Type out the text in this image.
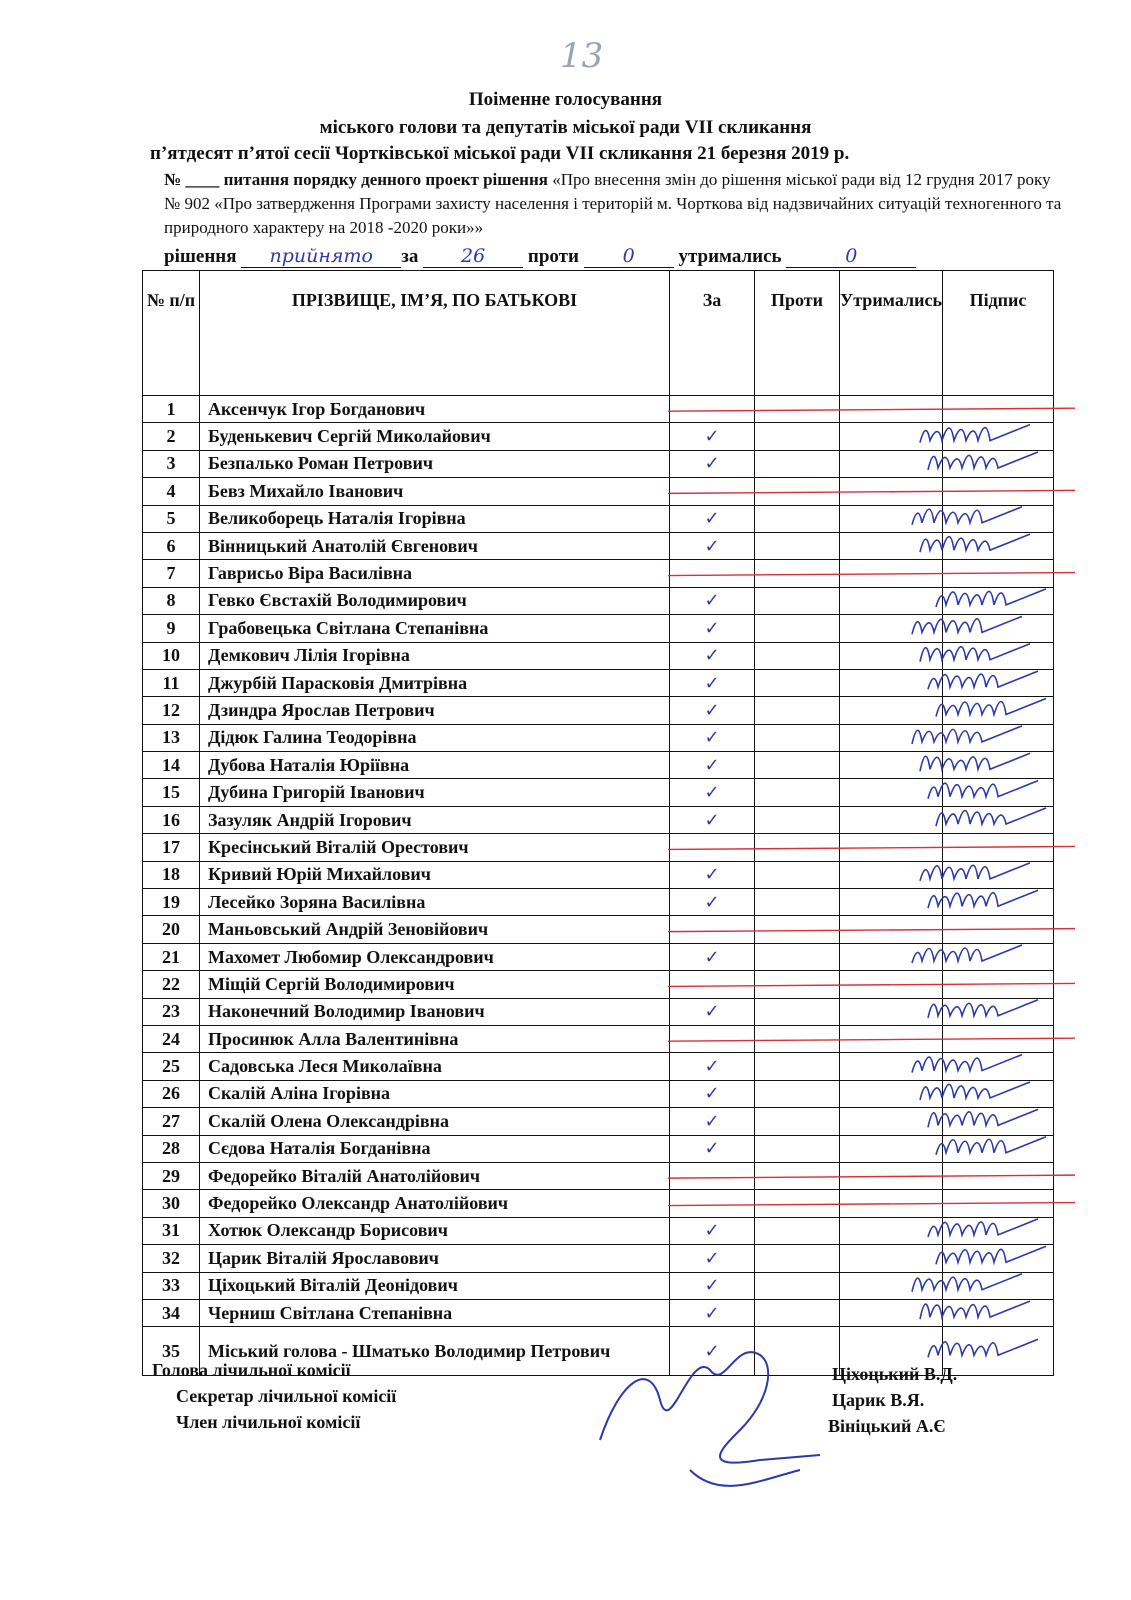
13
Поіменне голосування
міського голови та депутатів міської ради VII скликання
п’ятдесят п’ятої сесії Чортківської міської ради VII скликання 21 березня 2019 р.
№ ____ питання порядку денного проект рішення «Про внесення змін до рішення міської ради від 12 грудня 2017 року № 902 «Про затвердження Програми захисту населення і територій м. Чорткова від надзвичайних ситуацій техногенного та природного характеру на 2018 -2020 роки»»
рішення прийнято за 26 проти 0 утримались	0
№ п/п	ПРІЗВИЩЕ, ІМ’Я, ПО БАТЬКОВІ	За	Проти	Утримались	Підпис
1	Аксенчук Ігор Богданович				
2	Буденькевич Сергій Миколайович	✓			
3	Безпалько Роман Петрович	✓			
4	Бевз Михайло Іванович				
5	Великоборець Наталія Ігорівна	✓			
6	Вінницький Анатолій Євгенович	✓			
7	Гаврисьо Віра Василівна				
8	Гевко Євстахій Володимирович	✓			
9	Грабовецька Світлана Степанівна	✓			
10	Демкович Лілія Ігорівна	✓			
11	Джурбій Парасковія Дмитрівна	✓			
12	Дзиндра Ярослав Петрович	✓			
13	Дідюк Галина Теодорівна	✓			
14	Дубова Наталія Юріївна	✓			
15	Дубина Григорій Іванович	✓			
16	Зазуляк Андрій Ігорович	✓			
17	Кресінський Віталій Орестович				
18	Кривий Юрій Михайлович	✓			
19	Лесейко Зоряна Василівна	✓			
20	Маньовський Андрій Зеновійович				
21	Махомет Любомир Олександрович	✓			
22	Міщій Сергій Володимирович				
23	Наконечний Володимир Іванович	✓			
24	Просинюк Алла Валентинівна				
25	Садовська Леся Миколаївна	✓			
26	Скалій Аліна Ігорівна	✓			
27	Скалій Олена Олександрівна	✓			
28	Сєдова Наталія Богданівна	✓			
29	Федорейко Віталій Анатолійович				
30	Федорейко Олександр Анатолійович				
31	Хотюк Олександр Борисович	✓			
32	Царик Віталій Ярославович	✓			
33	Ціхоцький Віталій Деонідович	✓			
34	Черниш Світлана Степанівна	✓			
35	Міський голова - Шматько Володимир Петрович	✓			
Голова лічильної комісії
Секретар лічильної комісії
Член лічильної комісії
Ціхоцький В.Д.
Царик В.Я.
Вініцький А.Є
